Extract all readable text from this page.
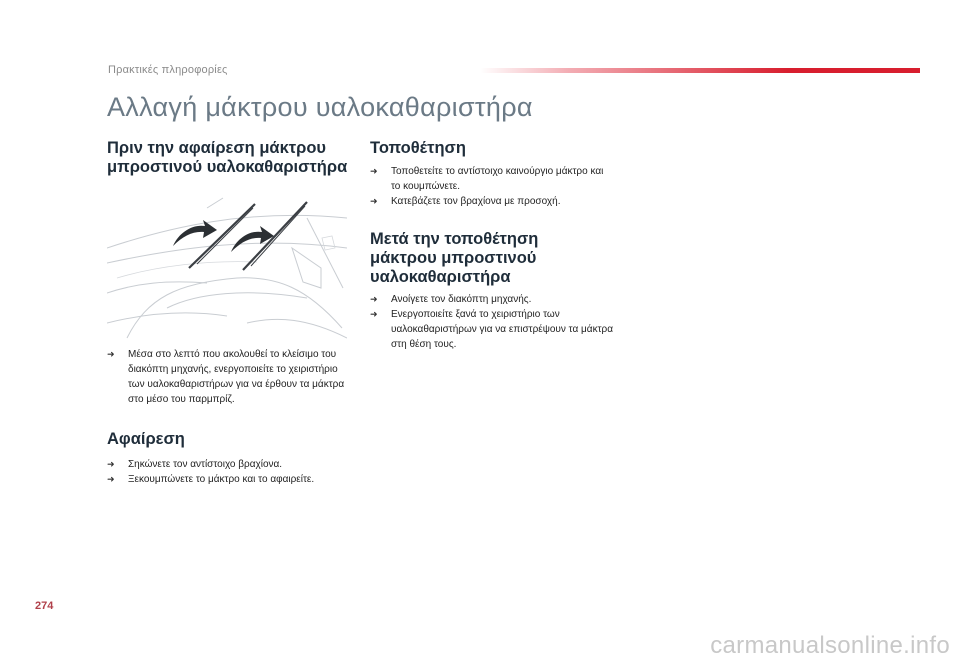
Πρακτικές πληροφορίες
Αλλαγή μάκτρου υαλοκαθαριστήρα
Πριν την αφαίρεση μάκτρου μπροστινού υαλοκαθαριστήρα
➜ Μέσα στο λεπτό που ακολουθεί το κλείσιμο του διακόπτη μηχανής, ενεργοποιείτε το χειριστήριο των υαλοκαθαριστήρων για να έρθουν τα μάκτρα στο μέσο του παρμπρίζ.
Αφαίρεση
➜ Σηκώνετε τον αντίστοιχο βραχίονα.
➜ Ξεκουμπώνετε το μάκτρο και το αφαιρείτε.
Τοποθέτηση
➜ Τοποθετείτε το αντίστοιχο καινούργιο μάκτρο και το κουμπώνετε.
➜ Κατεβάζετε τον βραχίονα με προσοχή.
Μετά την τοποθέτηση μάκτρου μπροστινού υαλοκαθαριστήρα
➜ Ανοίγετε τον διακόπτη μηχανής.
➜ Ενεργοποιείτε ξανά το χειριστήριο των υαλοκαθαριστήρων για να επιστρέψουν τα μάκτρα στη θέση τους.
274
carmanualsonline.info
